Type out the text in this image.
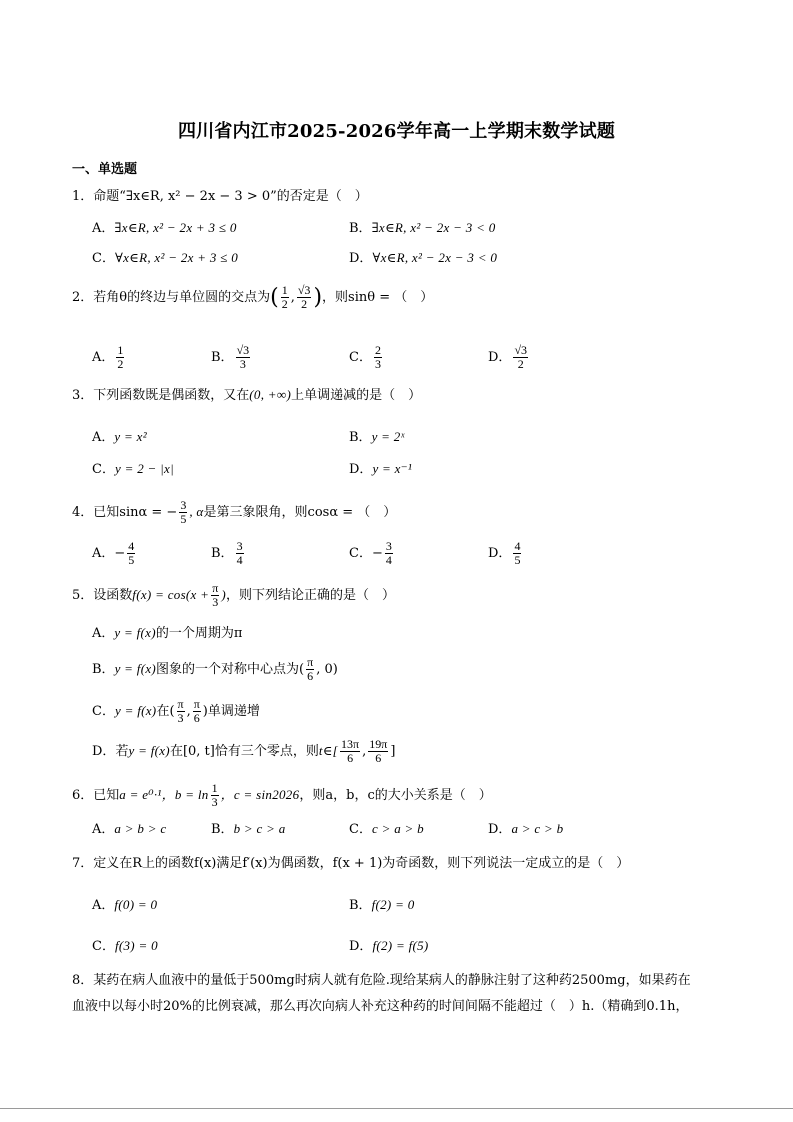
四川省内江市2025-2026学年高一上学期末数学试题
一、单选题
1．命题“∃x∈R, x² − 2x − 3 > 0”的否定是（　）
A．∃x∈R, x² − 2x + 3 ≤ 0	B．∃x∈R, x² − 2x − 3 < 0
C．∀x∈R, x² − 2x + 3 ≤ 0	D．∀x∈R, x² − 2x − 3 < 0
2．若角θ的终边与单位圆的交点为( $\frac{1}{2}$ , $\frac{√3}{2}$ )，则sinθ = （　）
A． $\frac{1}{2}$	B． $\frac{√3}{3}$	C． $\frac{2}{3}$	D． $\frac{√3}{2}$
3．下列函数既是偶函数，又在(0, +∞)上单调递减的是（　）
A．y = x²	B．y = 2ˣ
C．y = 2 − |x|	D．y = x⁻¹
4．已知sinα = − $\frac{3}{5}$ , α是第三象限角，则cosα = （　）
A．− $\frac{4}{5}$	B． $\frac{3}{4}$	C．− $\frac{3}{4}$	D． $\frac{4}{5}$
5．设函数$f(x) = \cos(x + \frac{\pi}{3}$ )，则下列结论正确的是（　）
A．y = f(x)的一个周期为π
B．y = f(x)图象的一个对称中心点为( $\frac{\pi}{6}$ , 0)
C．y = f(x)在( $\frac{\pi}{3}$ , $\frac{\pi}{6}$ )单调递增
D．若y = f(x)在[0, t]恰有三个零点，则t∈[ $\frac{13\pi}{6}$ , $\frac{19\pi}{6}$ ]
6．已知a = e⁰·¹，$b = \ln \frac{1}{3}$ ，c = sin2026，则a，b，c的大小关系是（　）
A．a > b > c	B．b > c > a	C．c > a > b	D．a > c > b
7．定义在R上的函数f(x)满足f′(x)为偶函数，f(x + 1)为奇函数，则下列说法一定成立的是（　）
A．f(0) = 0	B．f(2) = 0
C．f(3) = 0	D．f(2) = f(5)
8．某药在病人血液中的量低于500mg时病人就有危险.现给某病人的静脉注射了这种药2500mg，如果药在
血液中以每小时20%的比例衰减，那么再次向病人补充这种药的时间间隔不能超过（　）h.（精确到0.1h，
